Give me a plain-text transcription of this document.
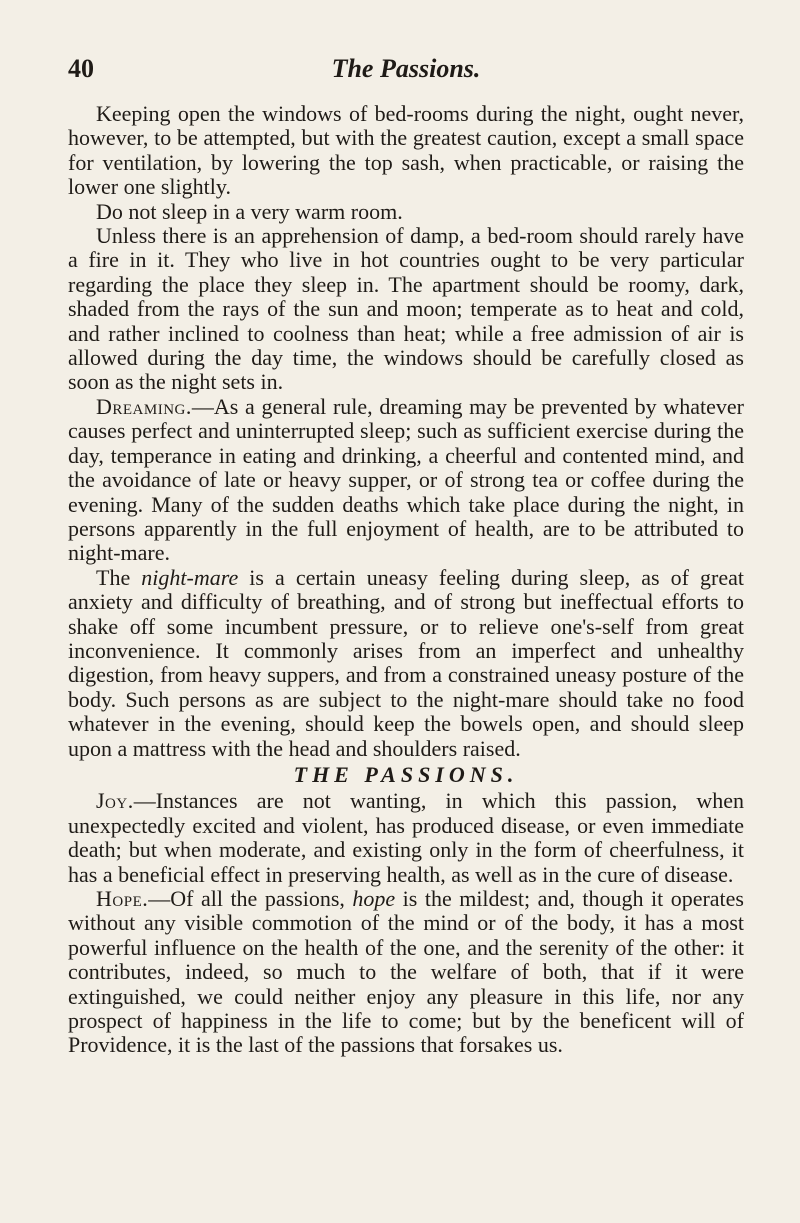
40	The Passions.

Keeping open the windows of bed-rooms during the night, ought never, however, to be attempted, but with the greatest caution, except a small space for ventilation, by lowering the top sash, when practicable, or raising the lower one slightly.

Do not sleep in a very warm room.

Unless there is an apprehension of damp, a bed-room should rarely have a fire in it. They who live in hot countries ought to be very particular regarding the place they sleep in. The apartment should be roomy, dark, shaded from the rays of the sun and moon; temperate as to heat and cold, and rather inclined to coolness than heat; while a free admission of air is allowed during the day time, the windows should be carefully closed as soon as the night sets in.

Dreaming.—As a general rule, dreaming may be prevented by whatever causes perfect and uninterrupted sleep; such as sufficient exercise during the day, temperance in eating and drinking, a cheerful and contented mind, and the avoidance of late or heavy supper, or of strong tea or coffee during the evening. Many of the sudden deaths which take place during the night, in persons apparently in the full enjoyment of health, are to be attributed to night-mare.

The night-mare is a certain uneasy feeling during sleep, as of great anxiety and difficulty of breathing, and of strong but ineffectual efforts to shake off some incumbent pressure, or to relieve one's-self from great inconvenience. It commonly arises from an imperfect and unhealthy digestion, from heavy suppers, and from a constrained uneasy posture of the body. Such persons as are subject to the night-mare should take no food whatever in the evening, should keep the bowels open, and should sleep upon a mattress with the head and shoulders raised.

THE PASSIONS.

Joy.—Instances are not wanting, in which this passion, when unexpectedly excited and violent, has produced disease, or even immediate death; but when moderate, and existing only in the form of cheerfulness, it has a beneficial effect in preserving health, as well as in the cure of disease.

Hope.—Of all the passions, hope is the mildest; and, though it operates without any visible commotion of the mind or of the body, it has a most powerful influence on the health of the one, and the serenity of the other: it contributes, indeed, so much to the welfare of both, that if it were extinguished, we could neither enjoy any pleasure in this life, nor any prospect of happiness in the life to come; but by the beneficent will of Providence, it is the last of the passions that forsakes us.
